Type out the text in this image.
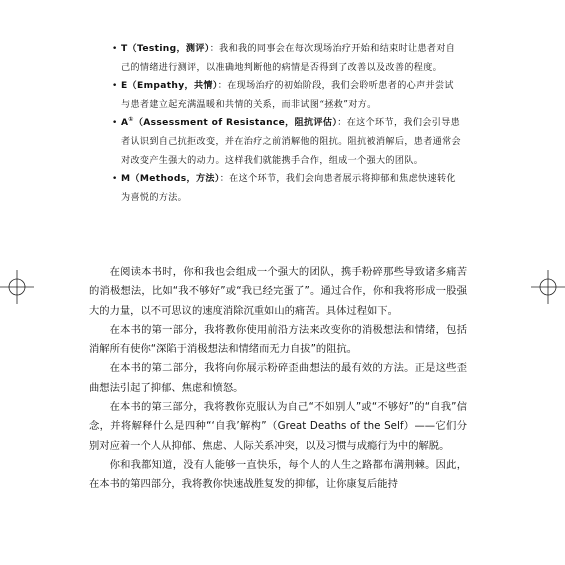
• T（Testing，测评）：我和我的同事会在每次现场治疗开始和结束时让患者对自己的情绪进行测评，以准确地判断他的病情是否得到了改善以及改善的程度。
• E（Empathy，共情）：在现场治疗的初始阶段，我们会聆听患者的心声并尝试与患者建立起充满温暖和共情的关系，而非试图“拯救”对方。
• A①（Assessment of Resistance，阻抗评估）：在这个环节，我们会引导患者认识到自己抗拒改变，并在治疗之前消解他的阻抗。阻抗被消解后，患者通常会对改变产生强大的动力。这样我们就能携手合作，组成一个强大的团队。
• M（Methods，方法）：在这个环节，我们会向患者展示将抑郁和焦虑快速转化为喜悦的方法。

在阅读本书时，你和我也会组成一个强大的团队，携手粉碎那些导致诸多痛苦的消极想法，比如“我不够好”或“我已经完蛋了”。通过合作，你和我将形成一股强大的力量，以不可思议的速度消除沉重如山的痛苦。具体过程如下。

在本书的第一部分，我将教你使用前沿方法来改变你的消极想法和情绪，包括消解所有使你“深陷于消极想法和情绪而无力自拔”的阻抗。

在本书的第二部分，我将向你展示粉碎歪曲想法的最有效的方法。正是这些歪曲想法引起了抑郁、焦虑和愤怒。

在本书的第三部分，我将教你克服认为自己“不如别人”或“不够好”的“自我”信念，并将解释什么是四种“‘自我’解构”（Great Deaths of the Self）——它们分别对应着一个人从抑郁、焦虑、人际关系冲突，以及习惯与成瘾行为中的解脱。

你和我都知道，没有人能够一直快乐，每个人的人生之路都布满荆棘。因此，在本书的第四部分，我将教你快速战胜复发的抑郁，让你康复后能持
